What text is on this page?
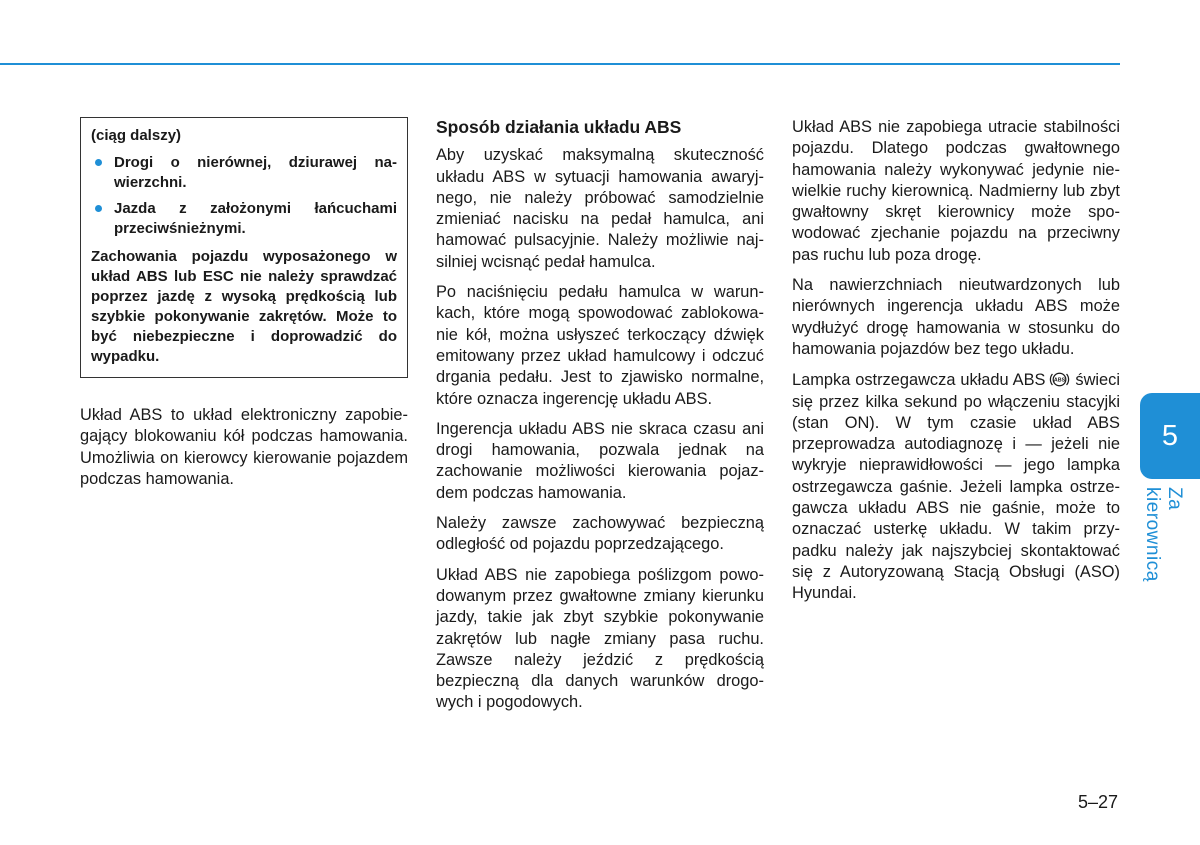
(ciąg dalszy)

Drogi o nierównej, dziurawej nawierzchni.
Jazda z założonymi łańcuchami przeciwśnieżnymi.

Zachowania pojazdu wyposażonego w układ ABS lub ESC nie należy sprawdzać poprzez jazdę z wysoką prędkością lub szybkie pokonywanie zakrętów. Może to być niebezpieczne i doprowadzić do wypadku.

Układ ABS to układ elektroniczny zapobiegający blokowaniu kół podczas hamowania. Umożliwia on kierowcy kierowanie pojazdem podczas hamowania.

Sposób działania układu ABS

Aby uzyskać maksymalną skuteczność układu ABS w sytuacji hamowania awaryjnego, nie należy próbować samodzielnie zmieniać nacisku na pedał hamulca, ani hamować pulsacyjnie. Należy możliwie najsilniej wcisnąć pedał hamulca.

Po naciśnięciu pedału hamulca w warunkach, które mogą spowodować zablokowanie kół, można usłyszeć terkoczący dźwięk emitowany przez układ hamulcowy i odczuć drgania pedału. Jest to zjawisko normalne, które oznacza ingerencję układu ABS.

Ingerencja układu ABS nie skraca czasu ani drogi hamowania, pozwala jednak na zachowanie możliwości kierowania pojazdem podczas hamowania.

Należy zawsze zachowywać bezpieczną odległość od pojazdu poprzedzającego.

Układ ABS nie zapobiega poślizgom powodowanym przez gwałtowne zmiany kierunku jazdy, takie jak zbyt szybkie pokonywanie zakrętów lub nagłe zmiany pasa ruchu. Zawsze należy jeździć z prędkością bezpieczną dla danych warunków drogowych i pogodowych.

Układ ABS nie zapobiega utracie stabilności pojazdu. Dlatego podczas gwałtownego hamowania należy wykonywać jedynie niewielkie ruchy kierownicą. Nadmierny lub zbyt gwałtowny skręt kierownicy może spowodować zjechanie pojazdu na przeciwny pas ruchu lub poza drogę.

Na nawierzchniach nieutwardzonych lub nierównych ingerencja układu ABS może wydłużyć drogę hamowania w stosunku do hamowania pojazdów bez tego układu.

Lampka ostrzegawcza układu ABS ABS świeci się przez kilka sekund po włączeniu stacyjki (stan ON). W tym czasie układ ABS przeprowadza autodiagnozę i — jeżeli nie wykryje nieprawidłowości — jego lampka ostrzegawcza gaśnie. Jeżeli lampka ostrzegawcza układu ABS nie gaśnie, może to oznaczać usterkę układu. W takim przypadku należy jak najszybciej skontaktować się z Autoryzowaną Stacją Obsługi (ASO) Hyundai.

5
Za kierownicą
5–27
